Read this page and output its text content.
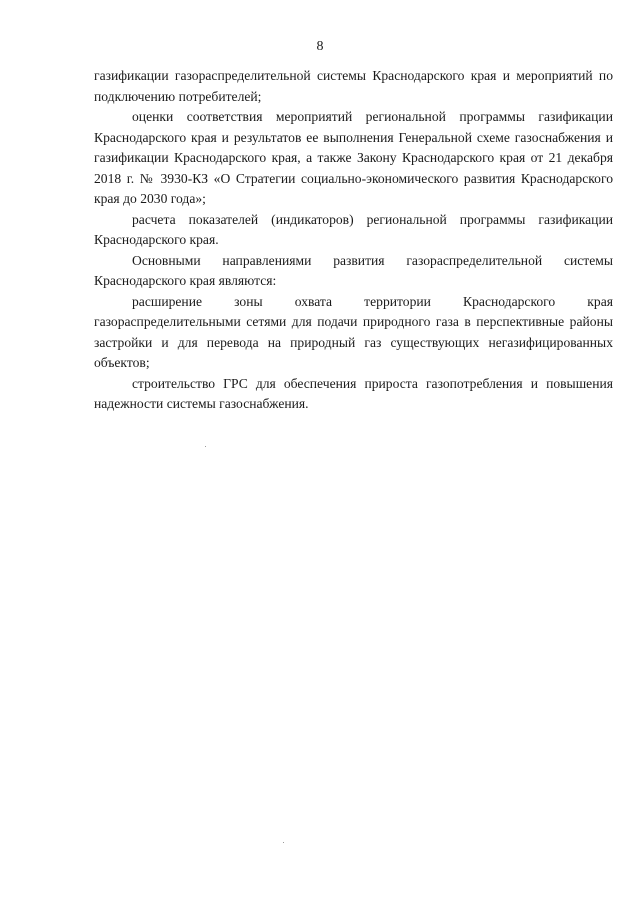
8

газификации газораспределительной системы Краснодарского края и мероприятий по подключению потребителей;

оценки соответствия мероприятий региональной программы газификации Краснодарского края и результатов ее выполнения Генеральной схеме газоснабжения и газификации Краснодарского края, а также Закону Краснодарского края от 21 декабря 2018 г. № 3930-КЗ «О Стратегии социально-экономического развития Краснодарского края до 2030 года»;

расчета показателей (индикаторов) региональной программы газификации Краснодарского края.

Основными направлениями развития газораспределительной системы Краснодарского края являются:

расширение зоны охвата территории Краснодарского края газораспределительными сетями для подачи природного газа в перспективные районы застройки и для перевода на природный газ существующих негазифицированных объектов;

строительство ГРС для обеспечения прироста газопотребления и повышения надежности системы газоснабжения.
